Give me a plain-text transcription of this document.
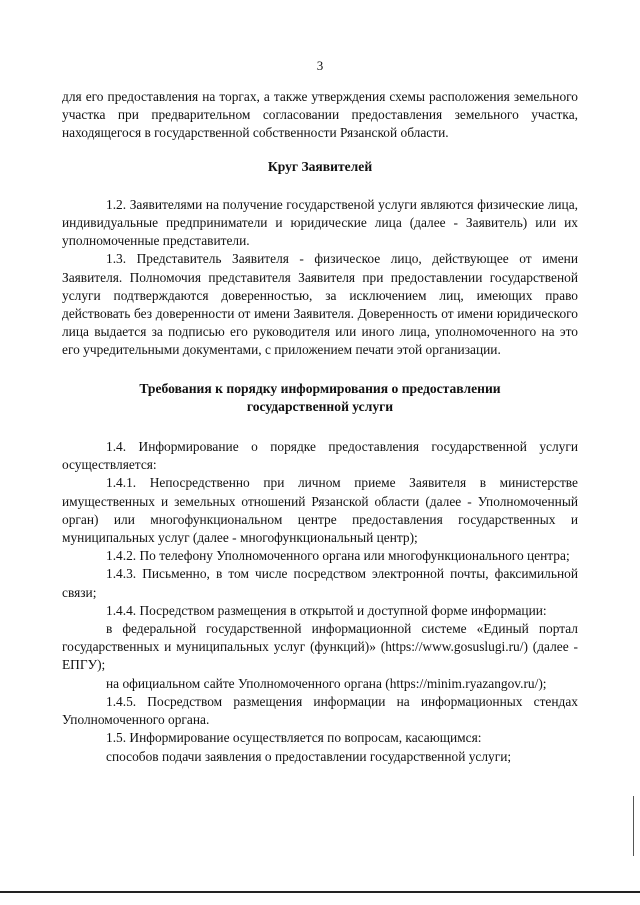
3

для его предоставления на торгах, а также утверждения схемы расположения земельного участка при предварительном согласовании предоставления земельного участка, находящегося в государственной собственности Рязанской области.

Круг Заявителей

1.2. Заявителями на получение государственой услуги являются физические лица, индивидуальные предприниматели и юридические лица (далее - Заявитель) или их уполномоченные представители.

1.3. Представитель Заявителя - физическое лицо, действующее от имени Заявителя. Полномочия представителя Заявителя при предоставлении государственой услуги подтверждаются доверенностью, за исключением лиц, имеющих право действовать без доверенности от имени Заявителя. Доверенность от имени юридического лица выдается за подписью его руководителя или иного лица, уполномоченного на это его учредительными документами, с приложением печати этой организации.

Требования к порядку информирования о предоставлении
государственной услуги

1.4. Информирование о порядке предоставления государственной услуги осуществляется:

1.4.1. Непосредственно при личном приеме Заявителя в министерстве имущественных и земельных отношений Рязанской области (далее - Уполномоченный орган) или многофункциональном центре предоставления государственных и муниципальных услуг (далее - многофункциональный центр);

1.4.2. По телефону Уполномоченного органа или многофункционального центра;

1.4.3. Письменно, в том числе посредством электронной почты, факсимильной связи;

1.4.4. Посредством размещения в открытой и доступной форме информации:

в федеральной государственной информационной системе «Единый портал государственных и муниципальных услуг (функций)» (https://www.gosuslugi.ru/) (далее - ЕПГУ);

на официальном сайте Уполномоченного органа (https://minim.ryazangov.ru/);

1.4.5. Посредством размещения информации на информационных стендах Уполномоченного органа.

1.5. Информирование осуществляется по вопросам, касающимся:

способов подачи заявления о предоставлении государственной услуги;
